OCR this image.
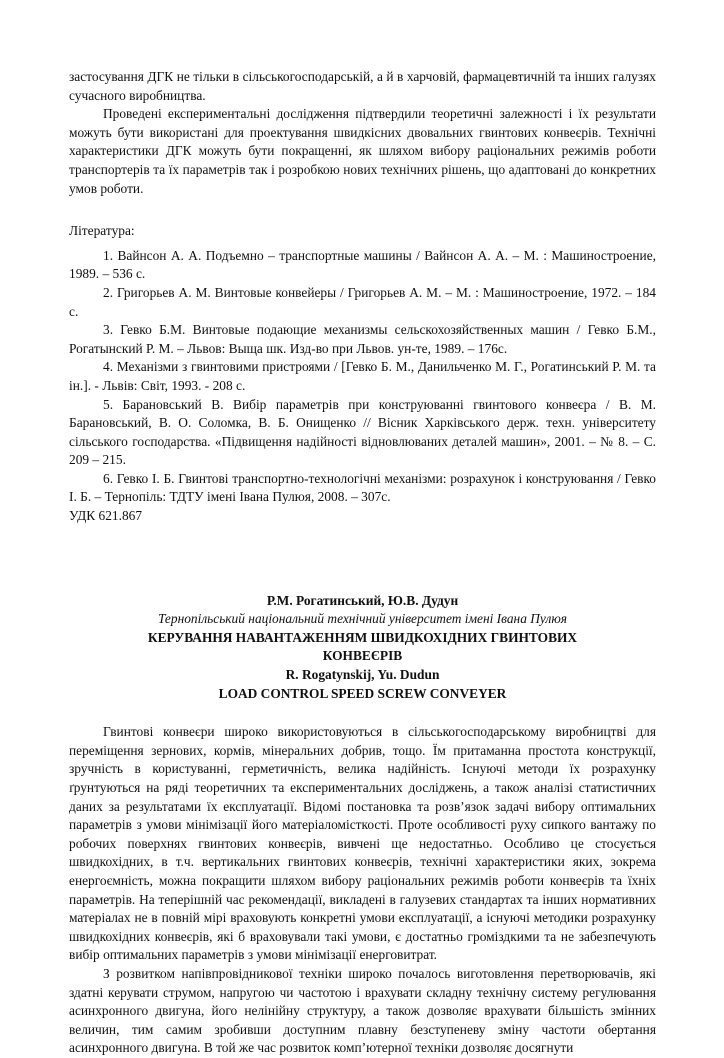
застосування ДГК не тільки в сільськогосподарській, а й в харчовій, фармацевтичній та інших галузях сучасного виробництва.

Проведені експериментальні дослідження підтвердили теоретичні залежності і їх результати можуть бути використані для проектування швидкісних двовальних гвинтових конвеєрів. Технічні характеристики ДГК можуть бути покращенні, як шляхом вибору раціональних режимів роботи транспортерів та їх параметрів так і розробкою нових технічних рішень, що адаптовані до конкретних умов роботи.

Література:

1. Вайнсон А. А. Подъемно – транспортные машины / Вайнсон А. А. – М. : Машиностроение, 1989. – 536 с.
2. Григорьев А. М. Винтовые конвейеры / Григорьев А. М. – М. : Машиностроение, 1972. – 184 с.
3. Гевко Б.М. Винтовые подающие механизмы сельскохозяйственных машин / Гевко Б.М., Рогатынский Р. М. – Львов: Выща шк. Изд-во при Львов. ун-те, 1989. – 176с.
4. Механізми з гвинтовими пристроями / [Гевко Б. М., Данильченко М. Г., Рогатинський Р. М. та ін.]. - Львів: Світ, 1993. - 208 с.
5. Барановський В. Вибір параметрів при конструюванні гвинтового конвеєра / В. М. Барановський, В. О. Соломка, В. Б. Онищенко // Вісник Харківського держ. техн. університету сільського господарства. «Підвищення надійності відновлюваних деталей машин», 2001. – № 8. – С. 209 – 215.
6. Гевко І. Б. Гвинтові транспортно-технологічні механізми: розрахунок і конструювання / Гевко І. Б. – Тернопіль: ТДТУ імені Івана Пулюя, 2008. – 307с.

УДК 621.867

Р.М. Рогатинський, Ю.В. Дудун

Тернопільський національний технічний університет імені Івана Пулюя

КЕРУВАННЯ НАВАНТАЖЕННЯМ ШВИДКОХІДНИХ ГВИНТОВИХ

КОНВЕЄРІВ

R. Rogatynskij, Yu. Dudun

LOAD CONTROL SPEED SCREW CONVEYER

Гвинтові конвеєри широко використовуються в сільськогосподарському виробництві для переміщення зернових, кормів, мінеральних добрив, тощо. Їм притаманна простота конструкції, зручність в користуванні, герметичність, велика надійність. Існуючі методи їх розрахунку ґрунтуються на ряді теоретичних та експериментальних досліджень, а також аналізі статистичних даних за результатами їх експлуатації. Відомі постановка та розв’язок задачі вибору оптимальних параметрів з умови мінімізації його матеріаломісткості. Проте особливості руху сипкого вантажу по робочих поверхнях гвинтових конвеєрів, вивчені ще недостатньо. Особливо це стосується швидкохідних, в т.ч. вертикальних гвинтових конвеєрів, технічні характеристики яких, зокрема енергоємність, можна покращити шляхом вибору раціональних режимів роботи конвеєрів та їхніх параметрів. На теперішній час рекомендації, викладені в галузевих стандартах та інших нормативних матеріалах не в повній мірі враховують конкретні умови експлуатації, а існуючі методики розрахунку швидкохідних конвеєрів, які б враховували такі умови, є достатньо громіздкими та не забезпечують вибір оптимальних параметрів з умови мінімізації енерговитрат.

З розвитком напівпровідникової техніки широко почалось виготовлення перетворювачів, які здатні керувати струмом, напругою чи частотою і врахувати складну технічну систему регулювання асинхронного двигуна, його нелінійну структуру, а також дозволяє врахувати більшість змінних величин, тим самим зробивши доступним плавну безступеневу зміну частоти обертання асинхронного двигуна. В той же час розвиток комп’ютерної техніки дозволяє досягнути
